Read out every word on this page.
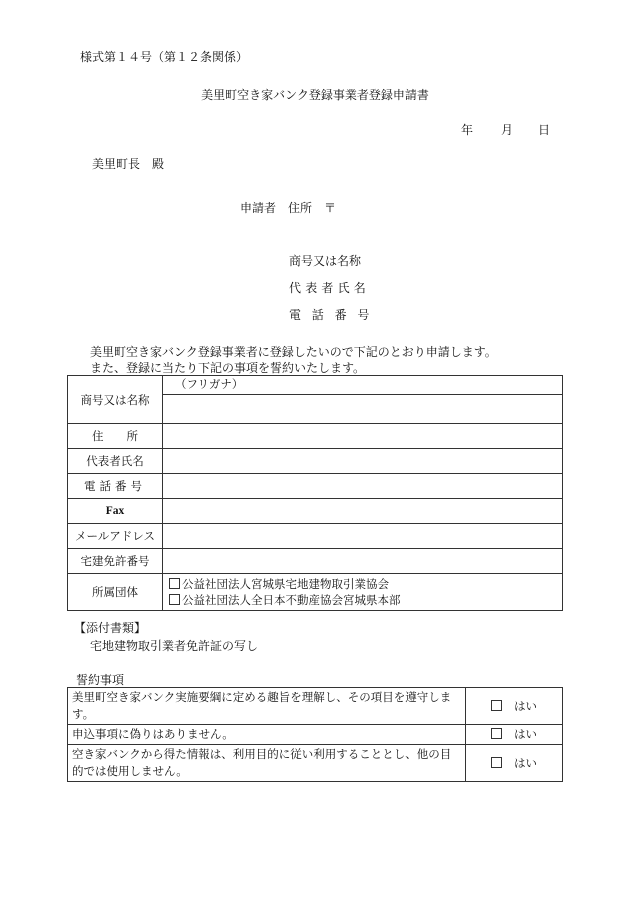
様式第１４号（第１２条関係）
美里町空き家バンク登録事業者登録申請書
年 月 日
美里町長　殿
申請者　住所　〒
商号又は名称
代表者氏名
電話番号
美里町空き家バンク登録事業者に登録したいので下記のとおり申請します。
また、登録に当たり下記の事項を誓約いたします。
商号又は名称	（フリガナ）

住　　所	
代表者氏名	
電話番号	
Fax	
メールアドレス	
宅建免許番号	
所属団体	公益社団法人宮城県宅地建物取引業協会
公益社団法人全日本不動産協会宮城県本部
【添付書類】
宅地建物取引業者免許証の写し
誓約事項
美里町空き家バンク実施要綱に定める趣旨を理解し、その項目を遵守します。	はい
申込事項に偽りはありません。	はい
空き家バンクから得た情報は、利用目的に従い利用することとし、他の目的では使用しません。	はい
